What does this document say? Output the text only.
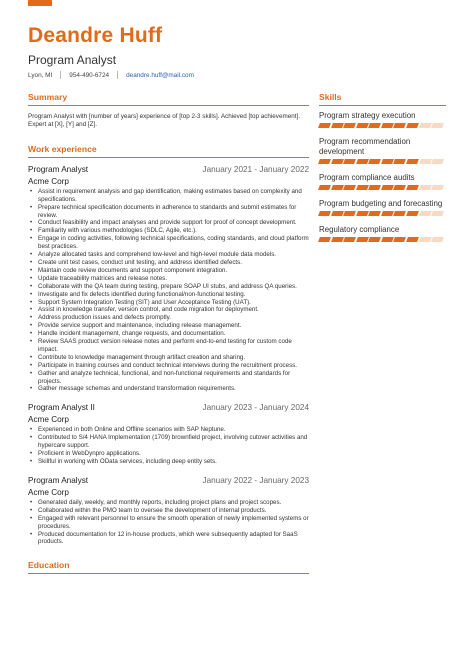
Deandre Huff
Program Analyst
Lyon, MI	954-490-6724	deandre.huff@mail.com
Summary
Program Analyst with [number of years] experience of [top 2-3 skills]. Achieved [top achievement]. Expert at [X], [Y] and [Z].
Work experience
Program Analyst	January 2021 - January 2022
Acme Corp
• Assist in requirement analysis and gap identification, making estimates based on complexity and specifications.
• Prepare technical specification documents in adherence to standards and submit estimates for review.
• Conduct feasibility and impact analyses and provide support for proof of concept development.
• Familiarity with various methodologies (SDLC, Agile, etc.).
• Engage in coding activities, following technical specifications, coding standards, and cloud platform best practices.
• Analyze allocated tasks and comprehend low-level and high-level module data models.
• Create unit test cases, conduct unit testing, and address identified defects.
• Maintain code review documents and support component integration.
• Update traceability matrices and release notes.
• Collaborate with the QA team during testing, prepare SOAP UI stubs, and address QA queries.
• Investigate and fix defects identified during functional/non-functional testing.
• Support System Integration Testing (SIT) and User Acceptance Testing (UAT).
• Assist in knowledge transfer, version control, and code migration for deployment.
• Address production issues and defects promptly.
• Provide service support and maintenance, including release management.
• Handle incident management, change requests, and documentation.
• Review SAAS product version release notes and perform end-to-end testing for custom code impact.
• Contribute to knowledge management through artifact creation and sharing.
• Participate in training courses and conduct technical interviews during the recruitment process.
• Gather and analyze technical, functional, and non-functional requirements and standards for projects.
• Gather message schemas and understand transformation requirements.
Program Analyst II	January 2023 - January 2024
Acme Corp
• Experienced in both Online and Offline scenarios with SAP Neptune.
• Contributed to S/4 HANA Implementation (1709) brownfield project, involving cutover activities and hypercare support.
• Proficient in WebDynpro applications.
• Skillful in working with OData services, including deep entity sets.
Program Analyst	January 2022 - January 2023
Acme Corp
• Generated daily, weekly, and monthly reports, including project plans and project scopes.
• Collaborated within the PMO team to oversee the development of internal products.
• Engaged with relevant personnel to ensure the smooth operation of newly implemented systems or procedures.
• Produced documentation for 12 in-house products, which were subsequently adapted for SaaS products.
Education
Skills
Program strategy execution
Program recommendation development
Program compliance audits
Program budgeting and forecasting
Regulatory compliance
